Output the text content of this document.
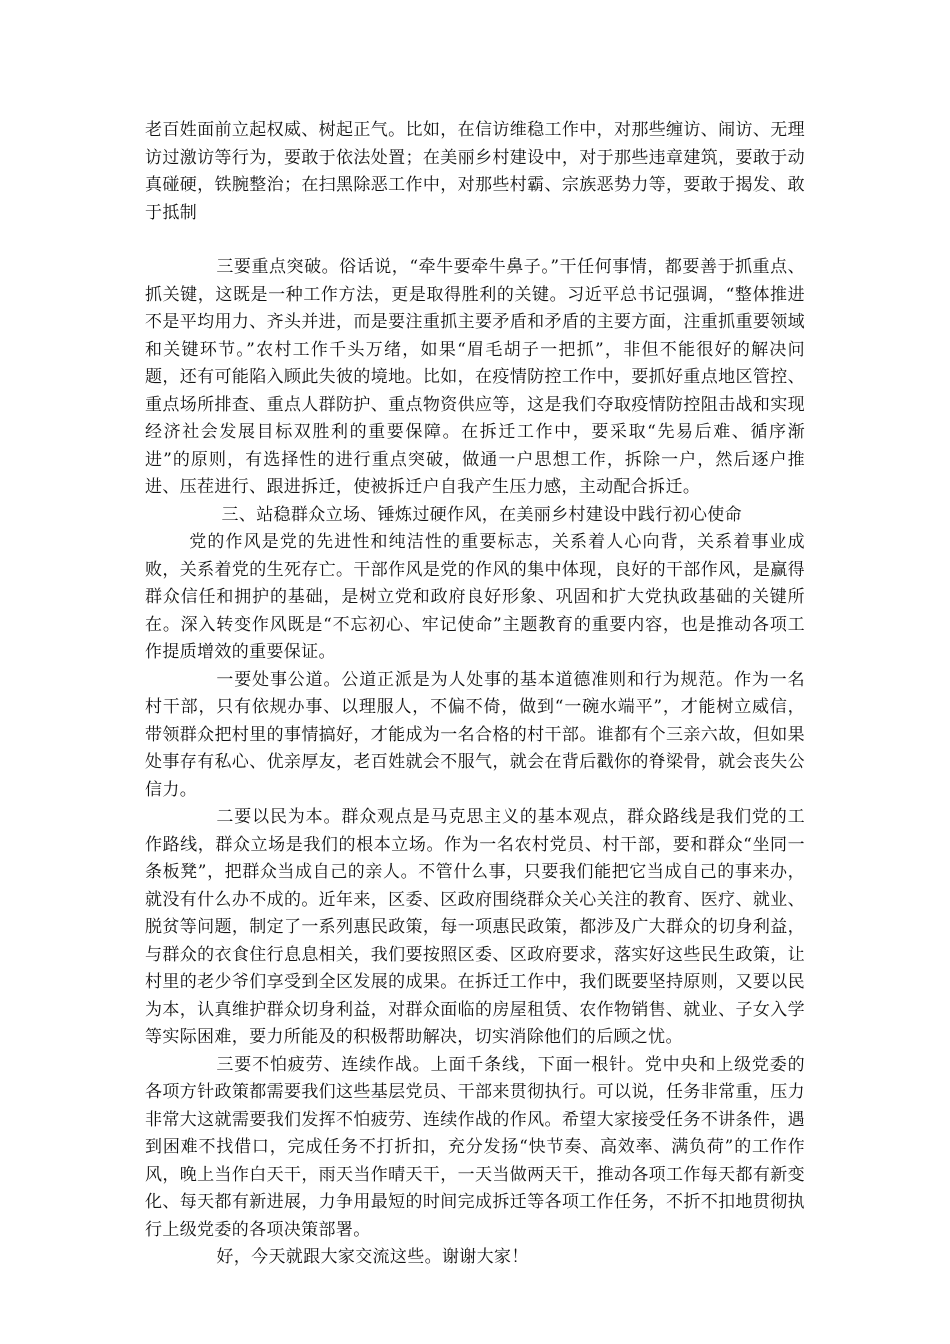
老百姓面前立起权威、树起正气。比如，在信访维稳工作中，对那些缠访、闹访、无理访过激访等行为，要敢于依法处置；在美丽乡村建设中，对于那些违章建筑，要敢于动真碰硬，铁腕整治；在扫黑除恶工作中，对那些村霸、宗族恶势力等，要敢于揭发、敢于抵制

三要重点突破。俗话说，“牵牛要牵牛鼻子。”干任何事情，都要善于抓重点、抓关键，这既是一种工作方法，更是取得胜利的关键。习近平总书记强调，“整体推进不是平均用力、齐头并进，而是要注重抓主要矛盾和矛盾的主要方面，注重抓重要领域和关键环节。”农村工作千头万绪，如果“眉毛胡子一把抓”，非但不能很好的解决问题，还有可能陷入顾此失彼的境地。比如，在疫情防控工作中，要抓好重点地区管控、重点场所排查、重点人群防护、重点物资供应等，这是我们夺取疫情防控阻击战和实现经济社会发展目标双胜利的重要保障。在拆迁工作中，要采取“先易后难、循序渐进”的原则，有选择性的进行重点突破，做通一户思想工作，拆除一户，然后逐户推进、压茬进行、跟进拆迁，使被拆迁户自我产生压力感，主动配合拆迁。

三、站稳群众立场、锤炼过硬作风，在美丽乡村建设中践行初心使命

党的作风是党的先进性和纯洁性的重要标志，关系着人心向背，关系着事业成败，关系着党的生死存亡。干部作风是党的作风的集中体现，良好的干部作风，是赢得群众信任和拥护的基础，是树立党和政府良好形象、巩固和扩大党执政基础的关键所在。深入转变作风既是“不忘初心、牢记使命”主题教育的重要内容，也是推动各项工作提质增效的重要保证。

一要处事公道。公道正派是为人处事的基本道德准则和行为规范。作为一名村干部，只有依规办事、以理服人，不偏不倚，做到“一碗水端平”，才能树立威信，带领群众把村里的事情搞好，才能成为一名合格的村干部。谁都有个三亲六故，但如果处事存有私心、优亲厚友，老百姓就会不服气，就会在背后戳你的脊梁骨，就会丧失公信力。

二要以民为本。群众观点是马克思主义的基本观点，群众路线是我们党的工作路线，群众立场是我们的根本立场。作为一名农村党员、村干部，要和群众“坐同一条板凳”，把群众当成自己的亲人。不管什么事，只要我们能把它当成自己的事来办，就没有什么办不成的。近年来，区委、区政府围绕群众关心关注的教育、医疗、就业、脱贫等问题，制定了一系列惠民政策，每一项惠民政策，都涉及广大群众的切身利益，与群众的衣食住行息息相关，我们要按照区委、区政府要求，落实好这些民生政策，让村里的老少爷们享受到全区发展的成果。在拆迁工作中，我们既要坚持原则，又要以民为本，认真维护群众切身利益，对群众面临的房屋租赁、农作物销售、就业、子女入学等实际困难，要力所能及的积极帮助解决，切实消除他们的后顾之忧。

三要不怕疲劳、连续作战。上面千条线，下面一根针。党中央和上级党委的各项方针政策都需要我们这些基层党员、干部来贯彻执行。可以说，任务非常重，压力非常大这就需要我们发挥不怕疲劳、连续作战的作风。希望大家接受任务不讲条件，遇到困难不找借口，完成任务不打折扣，充分发扬“快节奏、高效率、满负荷”的工作作风，晚上当作白天干，雨天当作晴天干，一天当做两天干，推动各项工作每天都有新变化、每天都有新进展，力争用最短的时间完成拆迁等各项工作任务，不折不扣地贯彻执行上级党委的各项决策部署。

好，今天就跟大家交流这些。谢谢大家！
